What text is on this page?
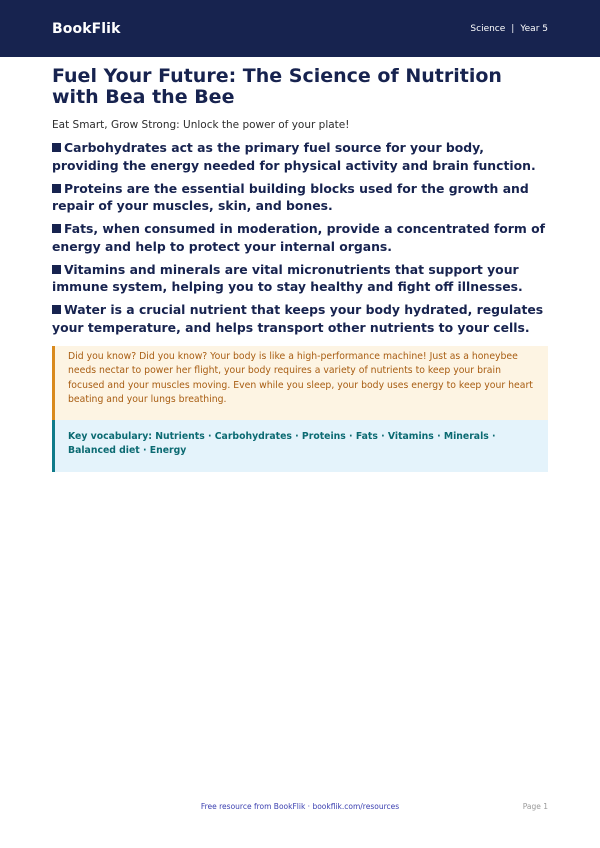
BookFlik	Science | Year 5
Fuel Your Future: The Science of Nutrition with Bea the Bee

Eat Smart, Grow Strong: Unlock the power of your plate!

Carbohydrates act as the primary fuel source for your body, providing the energy needed for physical activity and brain function.
Proteins are the essential building blocks used for the growth and repair of your muscles, skin, and bones.
Fats, when consumed in moderation, provide a concentrated form of energy and help to protect your internal organs.
Vitamins and minerals are vital micronutrients that support your immune system, helping you to stay healthy and fight off illnesses.
Water is a crucial nutrient that keeps your body hydrated, regulates your temperature, and helps transport other nutrients to your cells.

Did you know? Did you know? Your body is like a high-performance machine! Just as a honeybee needs nectar to power her flight, your body requires a variety of nutrients to keep your brain focused and your muscles moving. Even while you sleep, your body uses energy to keep your heart beating and your lungs breathing.

Key vocabulary: Nutrients · Carbohydrates · Proteins · Fats · Vitamins · Minerals · Balanced diet · Energy

Free resource from BookFlik · bookflik.com/resources	Page 1
